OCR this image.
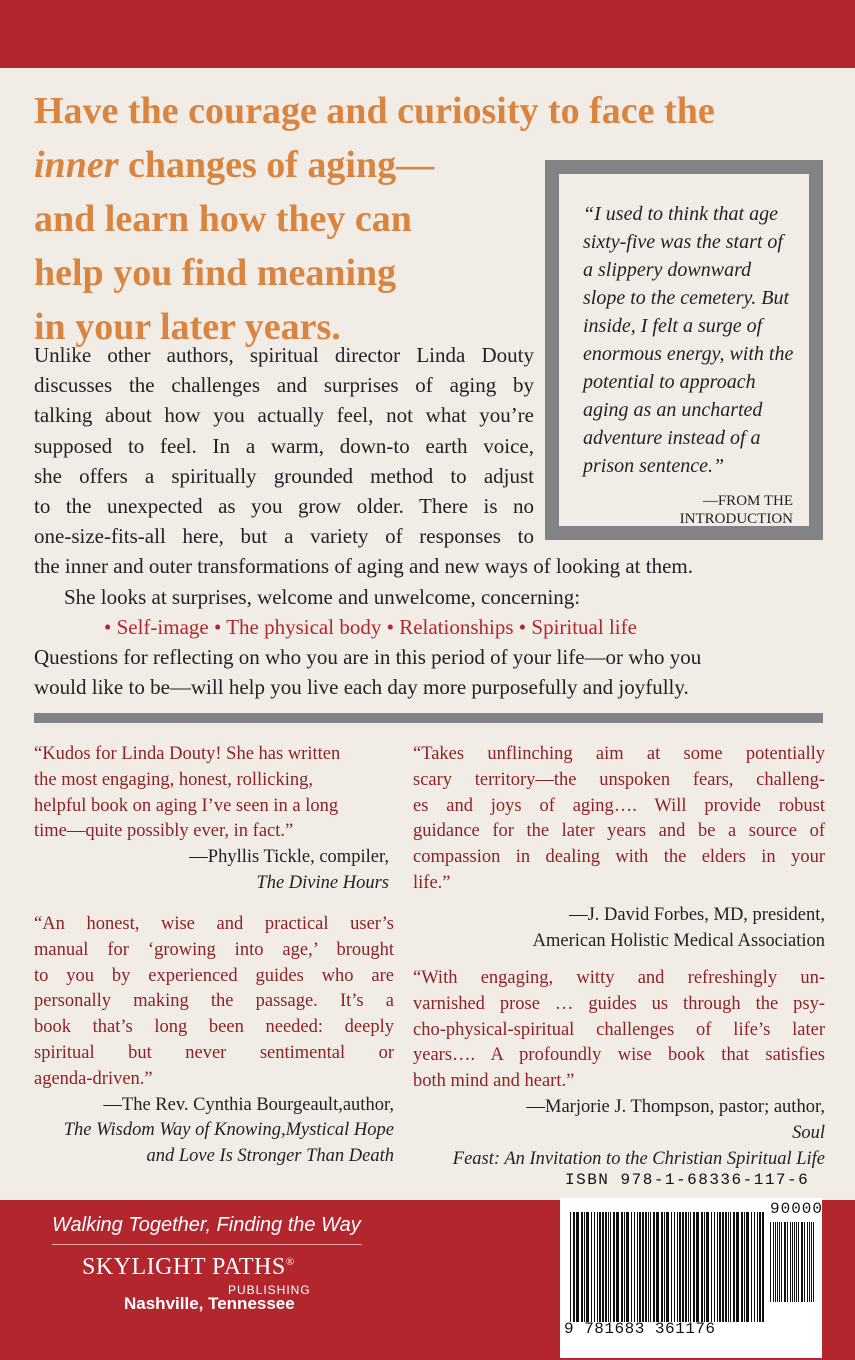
Have the courage and curiosity to face the
inner changes of aging—
and learn how they can
help you find meaning
in your later years.
“I used to think that age
sixty-five was the start of
a slippery downward
slope to the cemetery. But
inside, I felt a surge of
enormous energy, with the
potential to approach
aging as an uncharted
adventure instead of a
prison sentence.”
—FROM THE
INTRODUCTION
Unlike other authors, spiritual director Linda Douty
discusses the challenges and surprises of aging by
talking about how you actually feel, not what you’re
supposed to feel. In a warm, down-to earth voice,
she offers a spiritually grounded method to adjust
to the unexpected as you grow older. There is no
one-size-fits-all here, but a variety of responses to
the inner and outer transformations of aging and new ways of looking at them.
She looks at surprises, welcome and unwelcome, concerning:
• Self-image • The physical body • Relationships • Spiritual life
Questions for reflecting on who you are in this period of your life—or who you
would like to be—will help you live each day more purposefully and joyfully.
“Kudos for Linda Douty! She has written
the most engaging, honest, rollicking,
helpful book on aging I’ve seen in a long
time—quite possibly ever, in fact.”
—Phyllis Tickle, compiler,
The Divine Hours
“An honest, wise and practical user’s
manual for ‘growing into age,’ brought
to you by experienced guides who are
personally making the passage. It’s a
book that’s long been needed: deeply
spiritual but never sentimental or
agenda-driven.”
—The Rev. Cynthia Bourgeault,author,
The Wisdom Way of Knowing,Mystical Hope
and Love Is Stronger Than Death
“Takes unflinching aim at some potentially
scary territory—the unspoken fears, challeng-
es and joys of aging…. Will provide robust
guidance for the later years and be a source of
compassion in dealing with the elders in your
life.”
—J. David Forbes, MD, president,
American Holistic Medical Association
“With engaging, witty and refreshingly un-
varnished prose … guides us through the psy-
cho-physical-spiritual challenges of life’s later
years…. A profoundly wise book that satisfies
both mind and heart.”
—Marjorie J. Thompson, pastor; author,
Soul
Feast: An Invitation to the Christian Spiritual Life
Walking Together, Finding the Way
SKYLIGHT PATHS®
PUBLISHING
Nashville, Tennessee
ISBN 978-1-68336-117-6
90000
9 781683 361176
